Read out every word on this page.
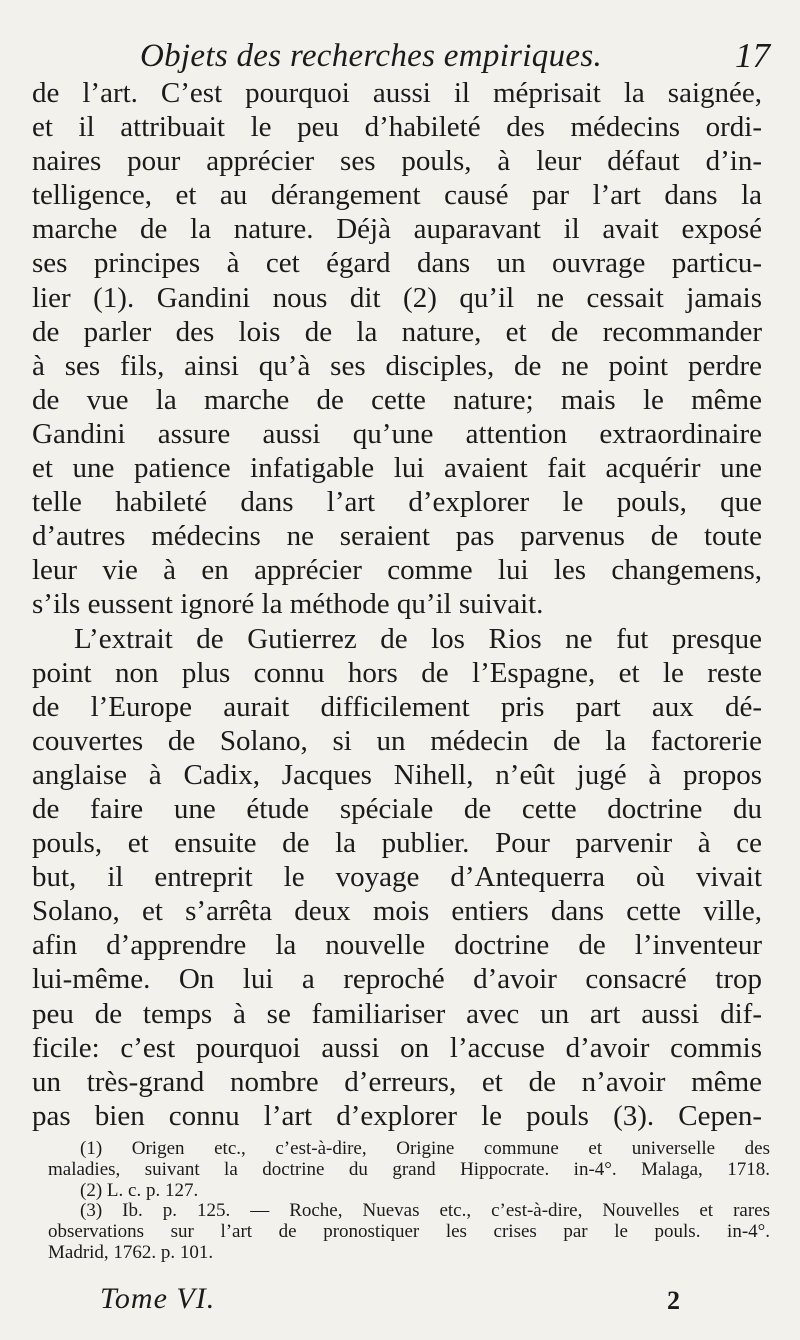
Objets des recherches empiriques.	17
de l’art. C’est pourquoi aussi il méprisait la saignée,
et il attribuait le peu d’habileté des médecins ordi-
naires pour apprécier ses pouls, à leur défaut d’in-
telligence, et au dérangement causé par l’art dans la
marche de la nature. Déjà auparavant il avait exposé
ses principes à cet égard dans un ouvrage particu-
lier (1). Gandini nous dit (2) qu’il ne cessait jamais
de parler des lois de la nature, et de recommander
à ses fils, ainsi qu’à ses disciples, de ne point perdre
de vue la marche de cette nature; mais le même
Gandini assure aussi qu’une attention extraordinaire
et une patience infatigable lui avaient fait acquérir une
telle habileté dans l’art d’explorer le pouls, que
d’autres médecins ne seraient pas parvenus de toute
leur vie à en apprécier comme lui les changemens,
s’ils eussent ignoré la méthode qu’il suivait.
L’extrait de Gutierrez de los Rios ne fut presque
point non plus connu hors de l’Espagne, et le reste
de l’Europe aurait difficilement pris part aux dé-
couvertes de Solano, si un médecin de la factorerie
anglaise à Cadix, Jacques Nihell, n’eût jugé à propos
de faire une étude spéciale de cette doctrine du
pouls, et ensuite de la publier. Pour parvenir à ce
but, il entreprit le voyage d’Antequerra où vivait
Solano, et s’arrêta deux mois entiers dans cette ville,
afin d’apprendre la nouvelle doctrine de l’inventeur
lui-même. On lui a reproché d’avoir consacré trop
peu de temps à se familiariser avec un art aussi dif-
ficile: c’est pourquoi aussi on l’accuse d’avoir commis
un très-grand nombre d’erreurs, et de n’avoir même
pas bien connu l’art d’explorer le pouls (3). Cepen-
(1) Origen etc., c’est-à-dire, Origine commune et universelle des
maladies, suivant la doctrine du grand Hippocrate. in-4°. Malaga, 1718.
(2) L. c. p. 127.
(3) Ib. p. 125. — Roche, Nuevas etc., c’est-à-dire, Nouvelles et rares
observations sur l’art de pronostiquer les crises par le pouls. in-4°.
Madrid, 1762. p. 101.
Tome VI.	2
